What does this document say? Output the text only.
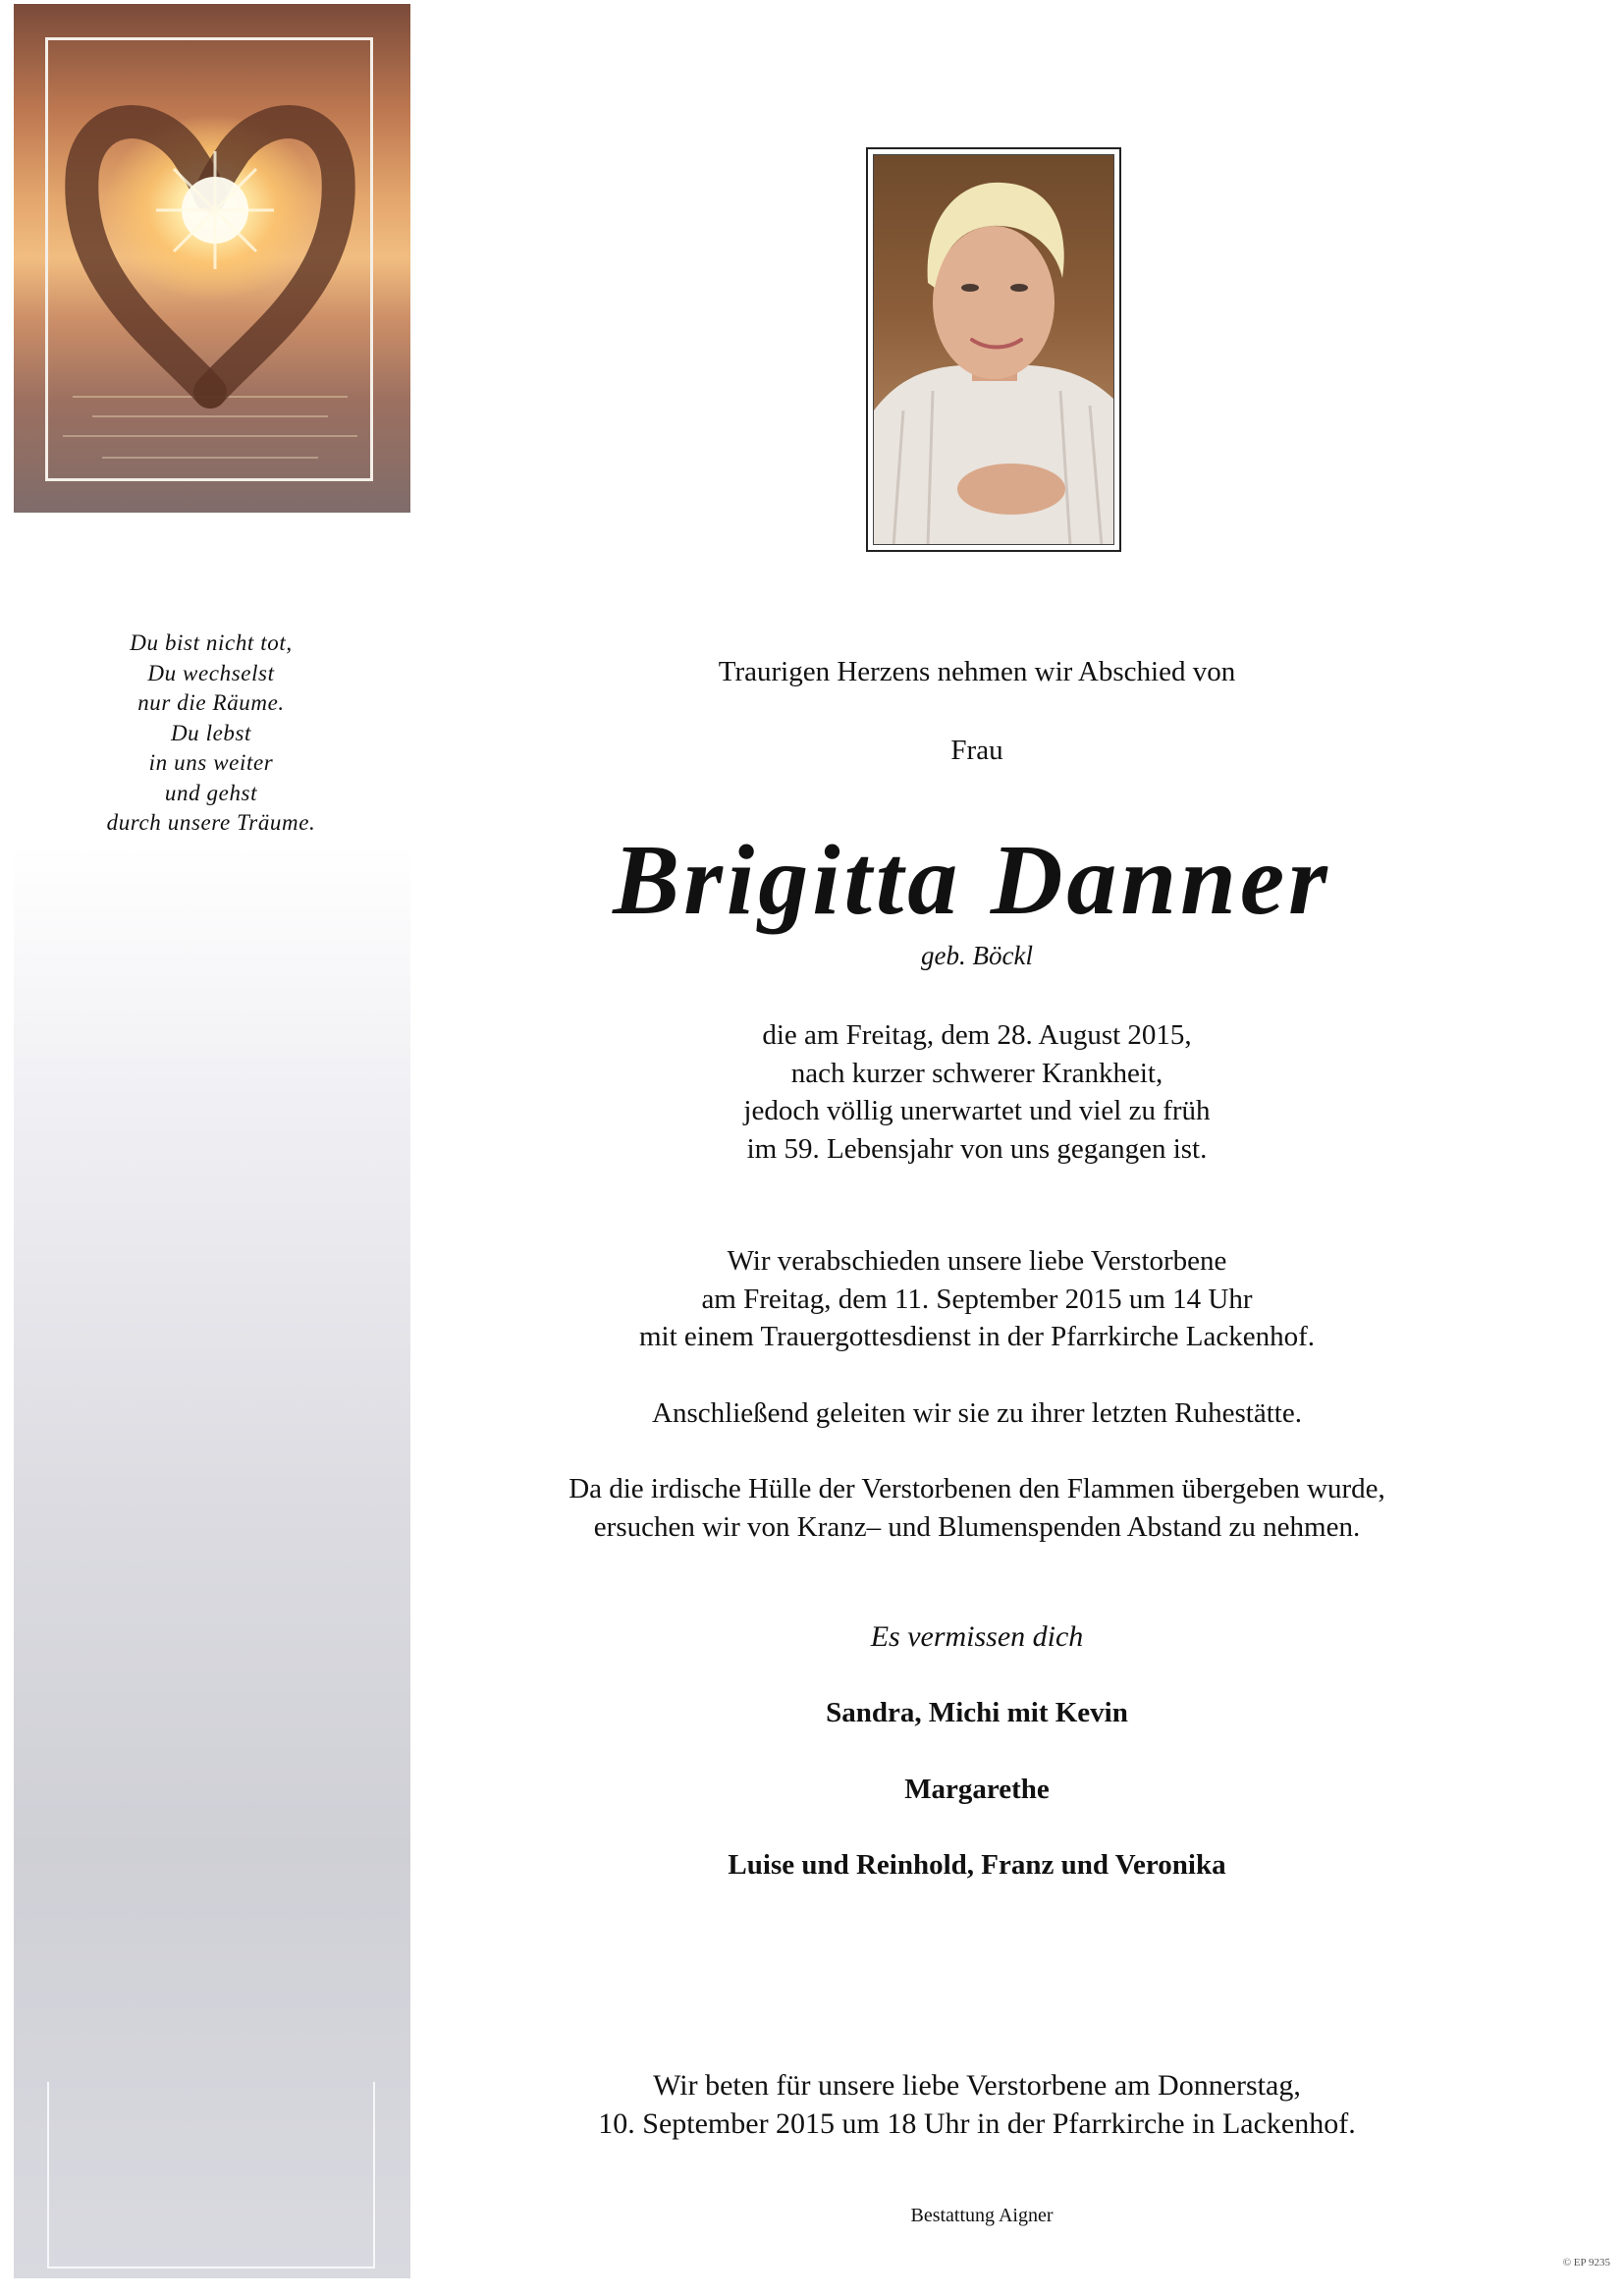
Du bist nicht tot,
Du wechselst
nur die Räume.
Du lebst
in uns weiter
und gehst
durch unsere Träume.
Traurigen Herzens nehmen wir Abschied von
Frau
Brigitta Danner
geb. Böckl
die am Freitag, dem 28. August 2015,
nach kurzer schwerer Krankheit,
jedoch völlig unerwartet und viel zu früh
im 59. Lebensjahr von uns gegangen ist.
Wir verabschieden unsere liebe Verstorbene
am Freitag, dem 11. September 2015 um 14 Uhr
mit einem Trauergottesdienst in der Pfarrkirche Lackenhof.
Anschließend geleiten wir sie zu ihrer letzten Ruhestätte.
Da die irdische Hülle der Verstorbenen den Flammen übergeben wurde,
ersuchen wir von Kranz– und Blumenspenden Abstand zu nehmen.
Es vermissen dich
Sandra, Michi mit Kevin
Margarethe
Luise und Reinhold, Franz und Veronika
Wir beten für unsere liebe Verstorbene am Donnerstag,
10. September 2015 um 18 Uhr in der Pfarrkirche in Lackenhof.
Bestattung Aigner
© EP 9235
